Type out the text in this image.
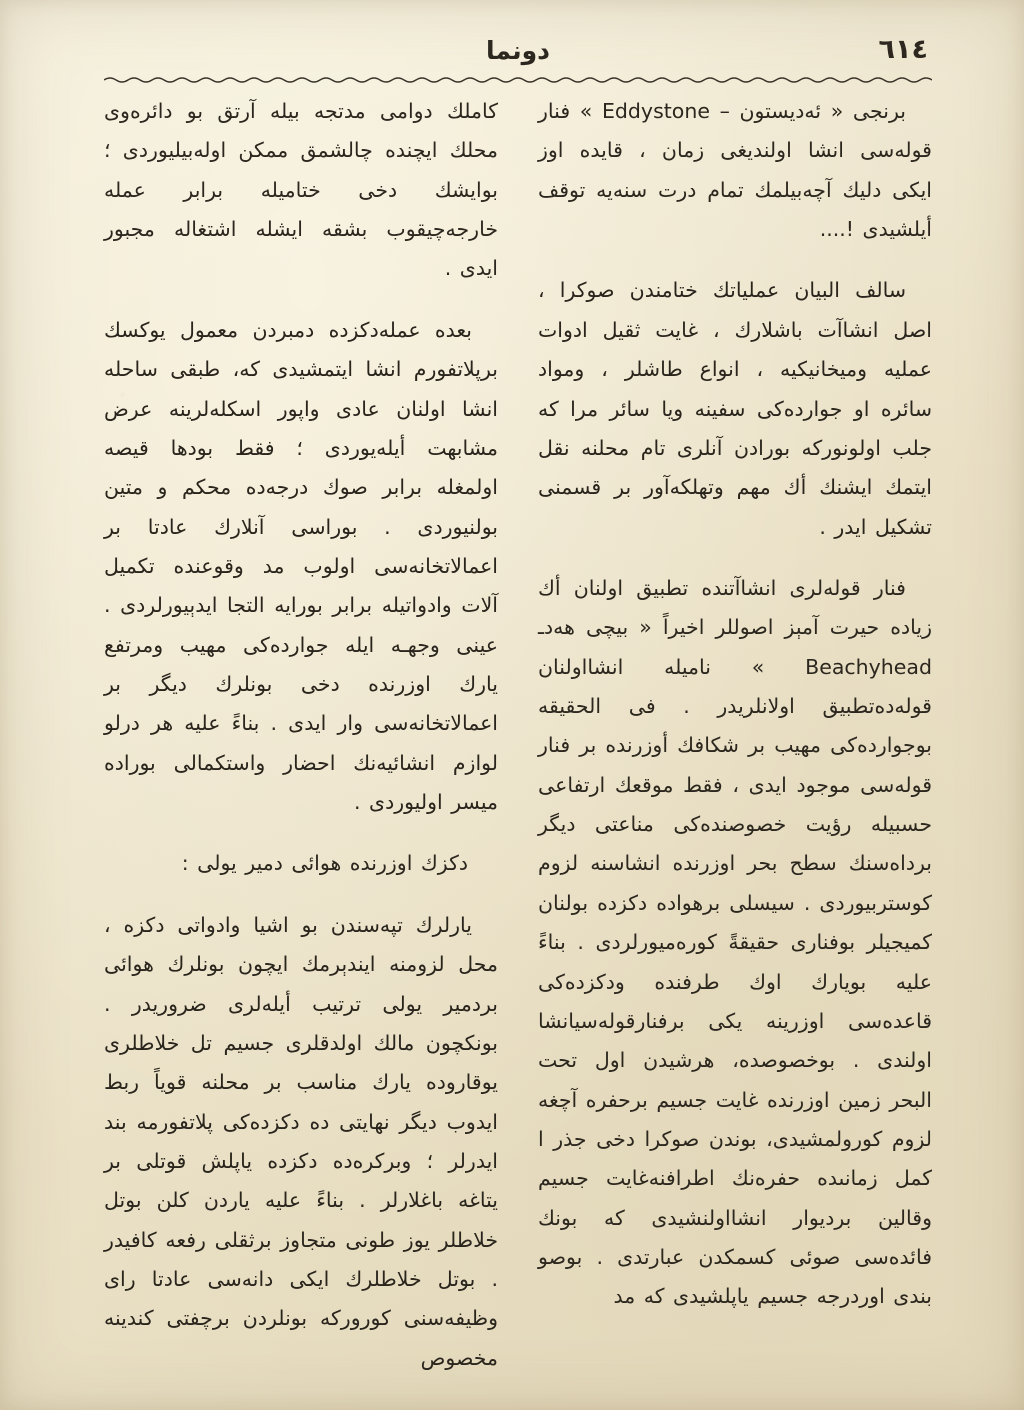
٦١٤
دونما
برنجی « ئەديستون – Eddystone » فنار قولەسی انشا اولنديغی زمان ، قايده اوز ايکی دليك آچەبيلمك تمام درت سنەيە توقف أيلشيدی !....
سالف البيان عملياتك ختامندن صوكرا ، اصل انشاآت باشلارك ، غايت ثقيل ادوات عملیه ومیخانیکیه ، انواع طاشلر ، ومواد سائره او جواردەکی سفينه ویا سائر مرا که جلب اولونورکه بورادن آنلری تام محلنه نقل ايتمك ايشنك أك مهم وتهلكەآور بر قسمنی تشكيل ايدر .
فنار قولەلری انشاآتنده تطبيق اولنان أك زياده حيرت آمېز اصوللر اخيراً « بيچی هەدـ Beachyhead » نامیله انشااولنان قولەدەتطبيق اولانلريدر . فی الحقيقه بوجواردەکی مهيب بر شكافك أوزرنده بر فنار قولەسی موجود ايدی ، فقط موقعك ارتفاعی حسبیله رؤيت خصوصندەکی مناعتی ديگر برداەسنك سطح بحر اوزرنده انشاسنه لزوم كوستربيوردی . سيسلی برهواده دكزده بولنان كميجيلر بوفناری حقيقةً كورەميورلردی . بناءً عليه بويارك اوك طرفنده ودكزدەکی قاعدەسی اوزرينه يکی برفنارقولەسیانشا اولندی . بوخصوصده، هرشيدن اول تحت البحر زمين اوزرنده غايت جسيم برحفره آچغه لزوم كورولمشيدی، بوندن صوكرا دخی جذر ا كمل زمانںده حفرەنك اطرافنەغايت جسيم وقالين برديوار انشااولنشيدی که بونك فائدەسی صوئی كسمكدن عبارتدی . بوصو بندی اوردرجه جسيم ياپلشيدی که مد
كاملك دوامی مدتجه بيله آرتق بو دائرەوی محلك ايچنده چالشمق ممكن اولەبيليوردی ؛ بوايشك دخی ختاميله برابر عمله خارجەچيقوب بشقه ايشله اشتغاله مجبور ايدی .
بعده عملەدكزده دمبردن معمول يوكسك برپلاتفورم انشا ايتمشيدی که، طبقی ساحله انشا اولنان عادی واپور اسكلەلرينه عرض مشابهت أيلەيوردی ؛ فقط بودها قيصه اولمغله برابر صوك درجەده محكم و متين بولنيوردی . بوراسی آنلارك عادتا بر اعمالاتخانەسی اولوب مد وقوعنده تكميل آلات وادواتيله برابر بورايه التجا ايدېيورلردی . عينی وجهـه ايله جواردەکی مهيب ومرتفع يارك اوزرنده دخی بونلرك ديگر بر اعمالاتخانەسی وار ايدی . بناءً عليه هر درلو لوازم انشائيەنك احضار واستكمالی بوراده ميسر اوليوردی .
دكزك اوزرنده هوائی دمير يولی :
يارلرك تپەسندن بو اشيا وادواتی دكزه ، محل لزومنه ايندېرمك ايچون بونلرك هوائی بردمير يولی ترتيب أيلەلری ضروريدر . بونكچون مالك اولدقلری جسيم تل خلاطلری يوقاروده يارك مناسب بر محلنه قوياً ربط ايدوب ديگر نهايتی ده دكزدەکی پلاتفورمه بند ايدرلر ؛ وبركرەده دكزده ياپلش قوتلی بر يتاغه باغلارلر . بناءً عليه ياردن كلن بوتل خلاطلر يوز طونی متجاوز برثقلی رفعه كافيدر . بوتل خلاطلرك ايکی دانەسی عادتا رای وظيفەسنی كورورکه بونلردن برچفتی كندينه مخصوص
